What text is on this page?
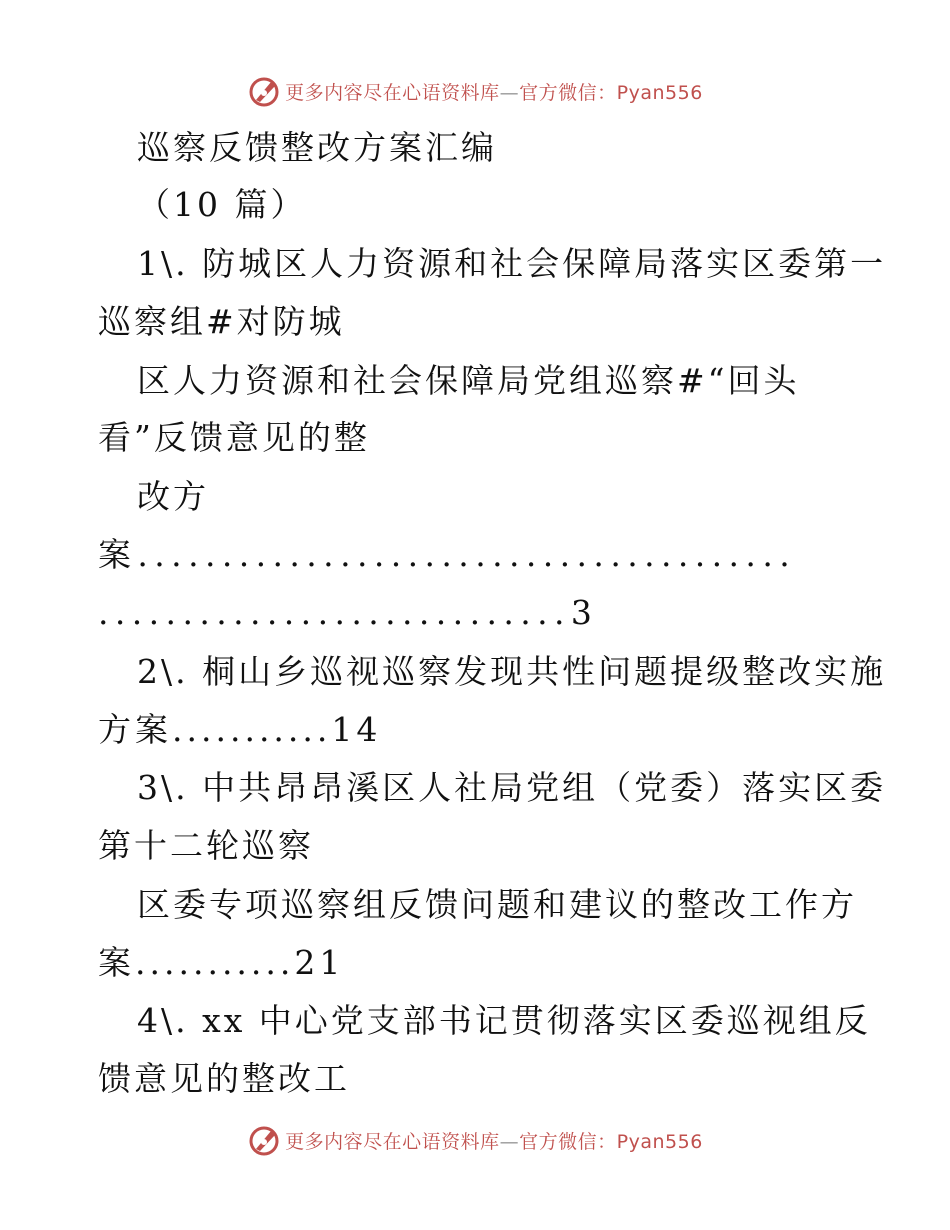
更多内容尽在心语资料库—官方微信：Pyan556
巡察反馈整改方案汇编
（10 篇）
1\. 防城区人力资源和社会保障局落实区委第一
巡察组#对防城
区人力资源和社会保障局党组巡察#“回头
看”反馈意见的整
改方
案.......................................
............................3
2\. 桐山乡巡视巡察发现共性问题提级整改实施
方案...........14
3\. 中共昂昂溪区人社局党组（党委）落实区委
第十二轮巡察
区委专项巡察组反馈问题和建议的整改工作方
案...........21
4\. xx 中心党支部书记贯彻落实区委巡视组反
馈意见的整改工
更多内容尽在心语资料库—官方微信：Pyan556
